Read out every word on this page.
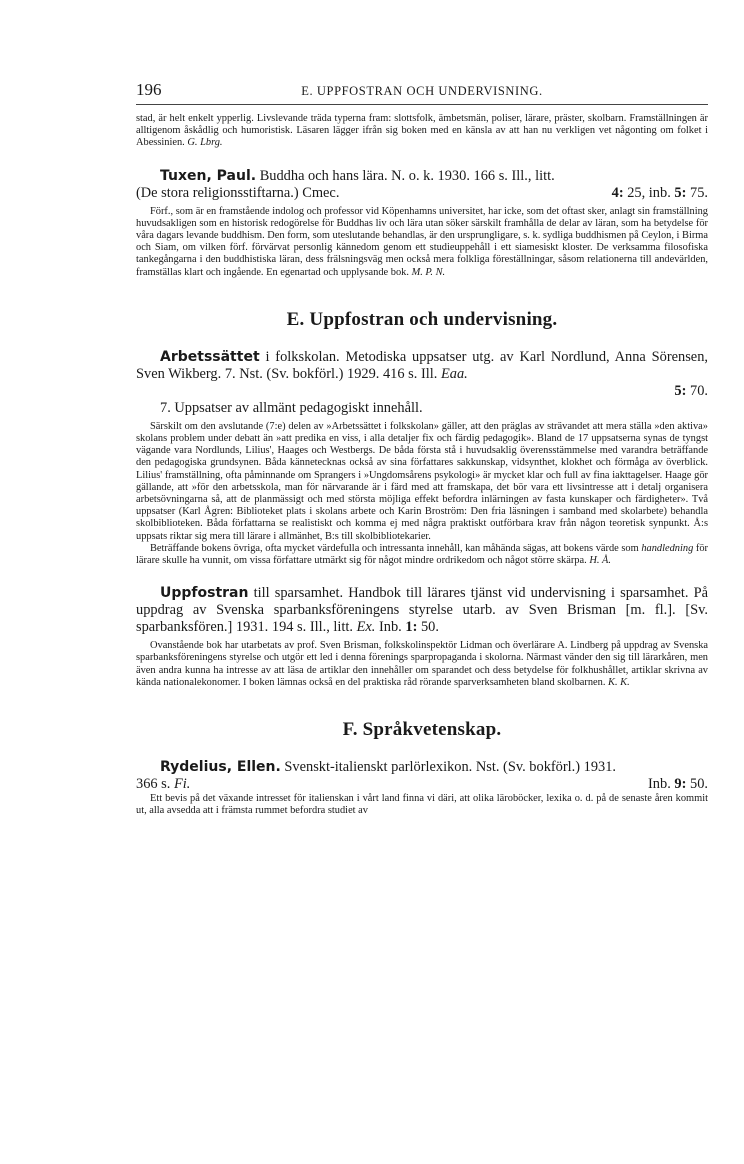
196	E. UPPFOSTRAN OCH UNDERVISNING.

stad, är helt enkelt ypperlig. Livslevande träda typerna fram: slottsfolk, ämbetsmän, poliser, lärare, präster, skolbarn. Framställningen är alltigenom åskådlig och humoristisk. Läsaren lägger ifrån sig boken med en känsla av att han nu verkligen vet någonting om folket i Abessinien. G. Lbrg.

Tuxen, Paul. Buddha och hans lära. N. o. k. 1930. 166 s. Ill., litt.

(De stora religionsstiftarna.) Cmec.	4: 25, inb. 5: 75.

Förf., som är en framstående indolog och professor vid Köpenhamns universitet, har icke, som det oftast sker, anlagt sin framställning huvudsakligen som en historisk redogörelse för Buddhas liv och lära utan söker särskilt framhålla de delar av läran, som ha betydelse för våra dagars levande buddhism. Den form, som uteslutande behandlas, är den ursprungligare, s. k. sydliga buddhismen på Ceylon, i Birma och Siam, om vilken förf. förvärvat personlig kännedom genom ett studieuppehåll i ett siamesiskt kloster. De verksamma filosofiska tankegångarna i den buddhistiska läran, dess frälsningsväg men också mera folkliga föreställningar, såsom relationerna till andevärlden, framställas klart och ingående. En egenartad och upplysande bok. M. P. N.

E. Uppfostran och undervisning.

Arbetssättet i folkskolan. Metodiska uppsatser utg. av Karl Nordlund, Anna Sörensen, Sven Wikberg. 7. Nst. (Sv. bokförl.) 1929. 416 s. Ill. Eaa.

5: 70.

7. Uppsatser av allmänt pedagogiskt innehåll.

Särskilt om den avslutande (7:e) delen av »Arbetssättet i folkskolan» gäller, att den präglas av strävandet att mera ställa »den aktiva» skolans problem under debatt än »att predika en viss, i alla detaljer fix och färdig pedagogik». Bland de 17 uppsatserna synas de tyngst vägande vara Nordlunds, Lilius', Haages och Westbergs. De båda första stå i huvudsaklig överensstämmelse med varandra beträffande den pedagogiska grundsynen. Båda kännetecknas också av sina författares sakkunskap, vidsynthet, klokhet och förmåga av överblick. Lilius' framställning, ofta påminnande om Sprangers i »Ungdomsårens psykologi» är mycket klar och full av fina iakttagelser. Haage gör gällande, att »för den arbetsskola, man för närvarande är i färd med att framskapa, det bör vara ett livsintresse att i detalj organisera arbetsövningarna så, att de planmässigt och med största möjliga effekt befordra inlärningen av fasta kunskaper och färdigheter». Två uppsatser (Karl Ågren: Biblioteket plats i skolans arbete och Karin Broström: Den fria läsningen i samband med skolarbete) behandla skolbiblioteken. Båda författarna se realistiskt och komma ej med några praktiskt outförbara krav från någon teoretisk synpunkt. Å:s uppsats riktar sig mera till lärare i allmänhet, B:s till skolbibliotekarier.

Beträffande bokens övriga, ofta mycket värdefulla och intressanta innehåll, kan måhända sägas, att bokens värde som handledning för lärare skulle ha vunnit, om vissa författare utmärkt sig för något mindre ordrikedom och något större skärpa. H. Å.

Uppfostran till sparsamhet. Handbok till lärares tjänst vid undervisning i sparsamhet. På uppdrag av Svenska sparbanksföreningens styrelse utarb. av Sven Brisman [m. fl.]. [Sv. sparbanksfören.] 1931. 194 s. Ill., litt. Ex. Inb. 1: 50.

Ovanstående bok har utarbetats av prof. Sven Brisman, folkskolinspektör Lidman och överlärare A. Lindberg på uppdrag av Svenska sparbanksföreningens styrelse och utgör ett led i denna förenings sparpropaganda i skolorna. Närmast vänder den sig till lärarkåren, men även andra kunna ha intresse av att läsa de artiklar den innehåller om sparandet och dess betydelse för folkhushållet, artiklar skrivna av kända nationalekonomer. I boken lämnas också en del praktiska råd rörande sparverksamheten bland skolbarnen. K. K.

F. Språkvetenskap.

Rydelius, Ellen. Svenskt-italienskt parlörlexikon. Nst. (Sv. bokförl.) 1931.

366 s. Fi.	Inb. 9: 50.

Ett bevis på det växande intresset för italienskan i vårt land finna vi däri, att olika läroböcker, lexika o. d. på de senaste åren kommit ut, alla avsedda att i främsta rummet befordra studiet av
